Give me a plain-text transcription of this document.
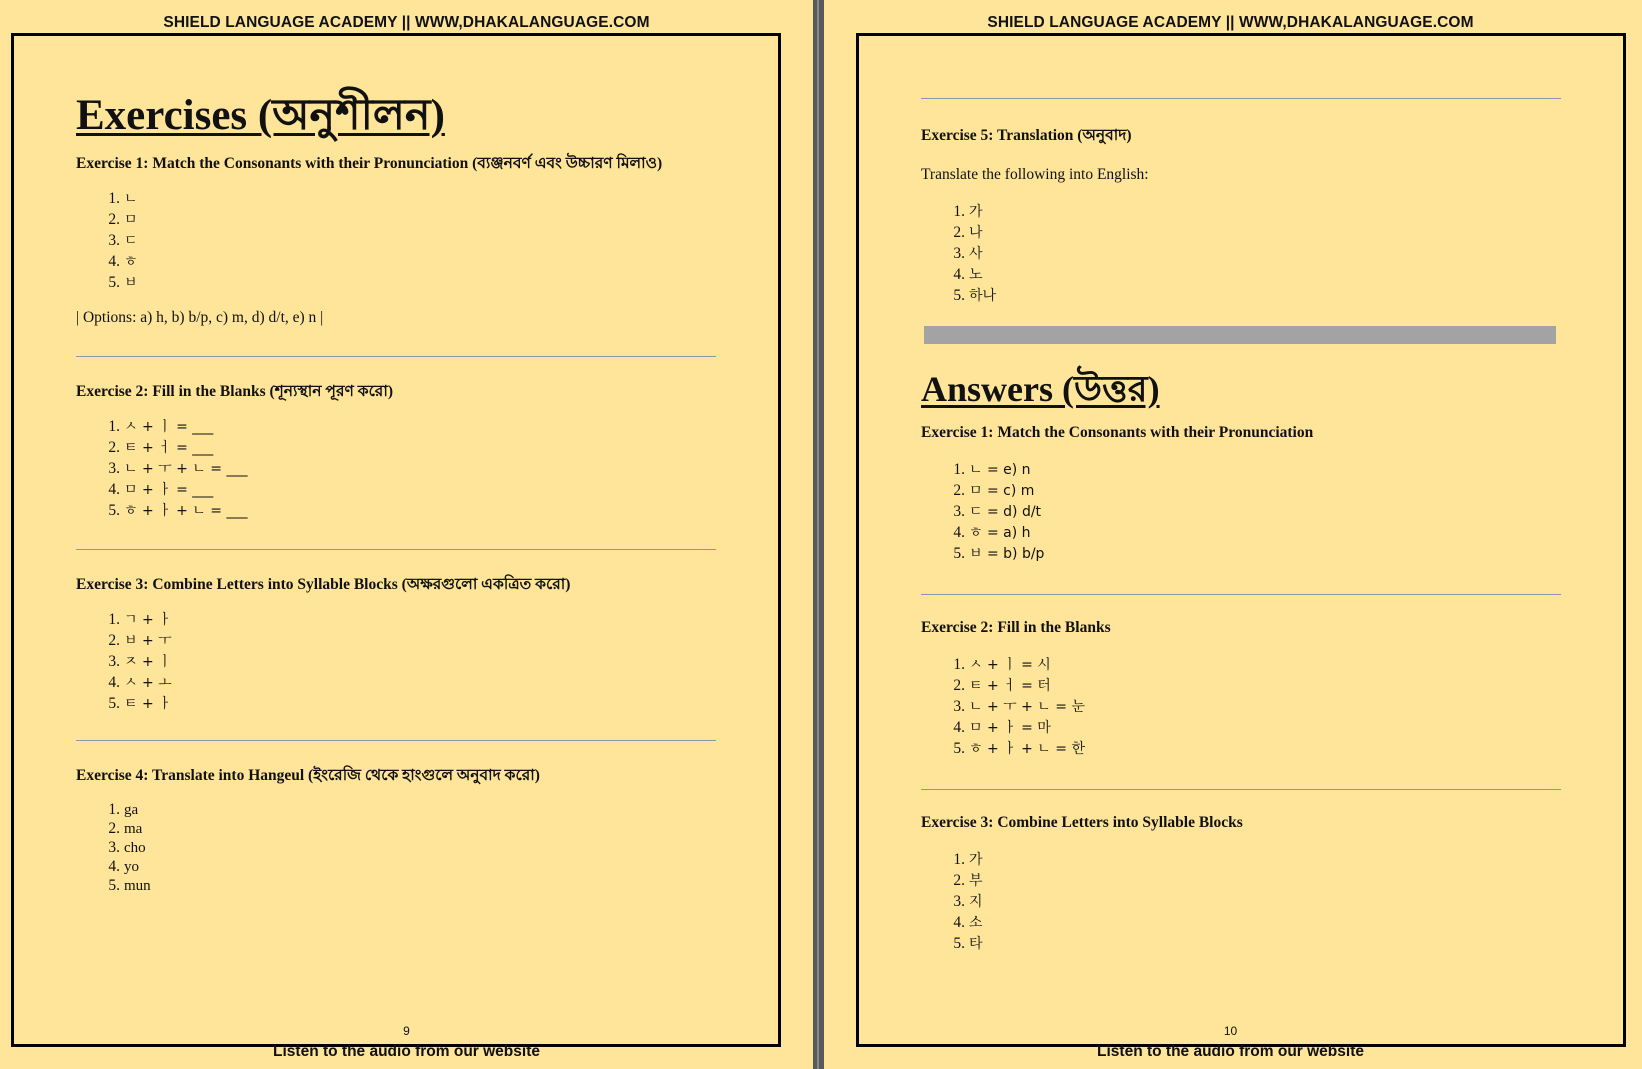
SHIELD LANGUAGE ACADEMY || WWW,DHAKALANGUAGE.COM
9
Listen to the audio from our website
Exercises (অনুশীলন)
Exercise 1: Match the Consonants with their Pronunciation (ব্যঞ্জনবর্ণ এবং উচ্চারণ মিলাও)
1. ㄴ
2. ㅁ
3. ㄷ
4. ㅎ
5. ㅂ

| Options: a) h, b) b/p, c) m, d) d/t, e) n |

Exercise 2: Fill in the Blanks (শূন্যস্থান পূরণ করো)
1. ㅅ + ㅣ = ___
2. ㅌ + ㅓ = ___
3. ㄴ + ㅜ + ㄴ = ___
4. ㅁ + ㅏ = ___
5. ㅎ + ㅏ + ㄴ = ___
Exercise 3: Combine Letters into Syllable Blocks (অক্ষরগুলো একত্রিত করো)
1. ㄱ + ㅏ
2. ㅂ + ㅜ
3. ㅈ + ㅣ
4. ㅅ + ㅗ
5. ㅌ + ㅏ
Exercise 4: Translate into Hangeul (ইংরেজি থেকে হাংগুলে অনুবাদ করো)
1. ga
2. ma
3. cho
4. yo
5. mun
SHIELD LANGUAGE ACADEMY || WWW,DHAKALANGUAGE.COM
10
Listen to the audio from our website
Exercise 5: Translation (অনুবাদ)

Translate the following into English:

1. 가
2. 나
3. 사
4. 노
5. 하나
Answers (উত্তর)
Exercise 1: Match the Consonants with their Pronunciation
1. ㄴ = e) n
2. ㅁ = c) m
3. ㄷ = d) d/t
4. ㅎ = a) h
5. ㅂ = b) b/p
Exercise 2: Fill in the Blanks
1. ㅅ + ㅣ = 시
2. ㅌ + ㅓ = 터
3. ㄴ + ㅜ + ㄴ = 눈
4. ㅁ + ㅏ = 마
5. ㅎ + ㅏ + ㄴ = 한
Exercise 3: Combine Letters into Syllable Blocks
1. 가
2. 부
3. 지
4. 소
5. 타
